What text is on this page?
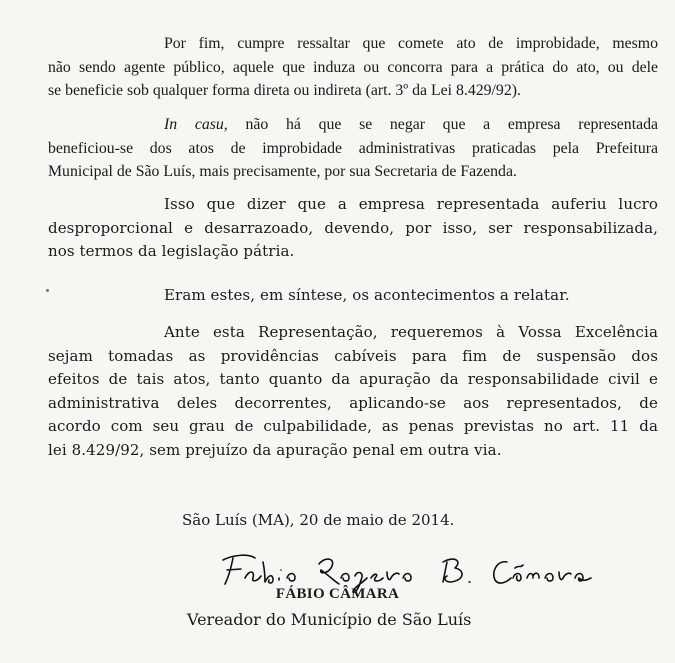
Por fim, cumpre ressaltar que comete ato de improbidade, mesmo
não sendo agente público, aquele que induza ou concorra para a prática do ato, ou dele
se beneficie sob qualquer forma direta ou indireta (art. 3º da Lei 8.429/92).

In casu, não há que se negar que a empresa representada
beneficiou-se dos atos de improbidade administrativas praticadas pela Prefeitura
Municipal de São Luís, mais precisamente, por sua Secretaria de Fazenda.

Isso que dizer que a empresa representada auferiu lucro
desproporcional e desarrazoado, devendo, por isso, ser responsabilizada,
nos termos da legislação pátria.

Eram estes, em síntese, os acontecimentos a relatar.

Ante esta Representação, requeremos à Vossa Excelência
sejam tomadas as providências cabíveis para fim de suspensão dos
efeitos de tais atos, tanto quanto da apuração da responsabilidade civil e
administrativa deles decorrentes, aplicando-se aos representados, de
acordo com seu grau de culpabilidade, as penas previstas no art. 11 da
lei 8.429/92, sem prejuízo da apuração penal em outra via.

São Luís (MA), 20 de maio de 2014.
FÁBIO CÂMARA
Vereador do Município de São Luís
